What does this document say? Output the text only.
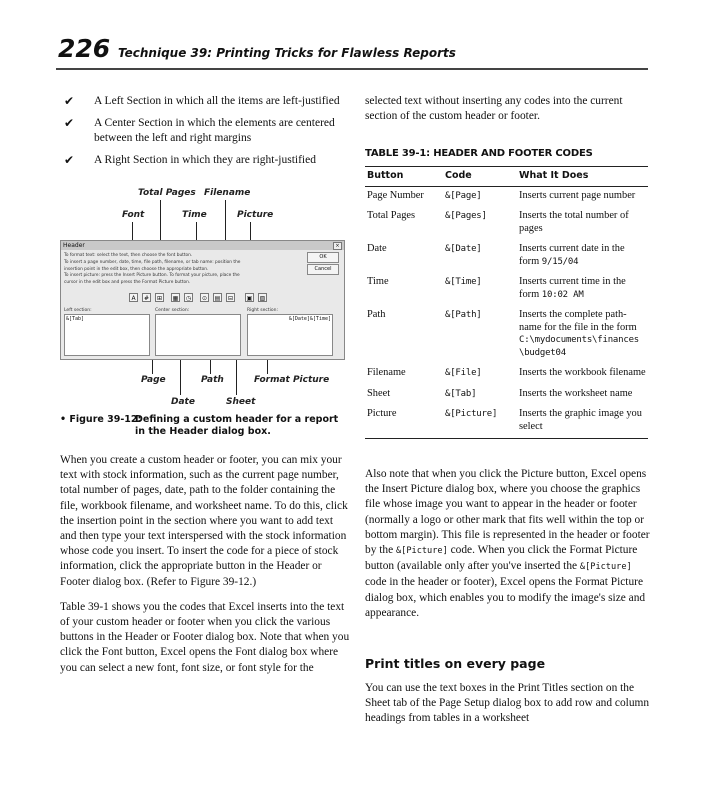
226 Technique 39: Printing Tricks for Flawless Reports
✔ A Left Section in which all the items are left-justified
✔ A Center Section in which the elements are centered between the left and right margins
✔ A Right Section in which they are right-justified
Total Pages Filename
Font	Time	Picture
Header	×
To format text: select the text, then choose the font button.
To insert a page number, date, time, file path, filename, or tab name: position the
insertion point in the edit box, then choose the appropriate button.
To insert picture: press the Insert Picture button. To format your picture, place the
cursor in the edit box and press the Format Picture button.
OK
Cancel
A	#	⊞	▦	◷	⊙	▤	⊟	▣ ▧
Left section:	Center section:	Right section:
&[Tab]	&[Date]&[Time]
Page	Path	Format Picture
Date	Sheet
• Figure 39-12:
Defining a custom header for a report in the Header dialog box.

When you create a custom header or footer, you can mix your text with stock information, such as the current page number, total number of pages, date, path to the folder containing the file, workbook filename, and worksheet name. To do this, click the insertion point in the section where you want to add text and then type your text interspersed with the stock information whose code you insert. To insert the code for a piece of stock information, click the appropriate button in the Header or Footer dialog box. (Refer to Figure 39-12.)

Table 39-1 shows you the codes that Excel inserts into the text of your custom header or footer when you click the various buttons in the Header or Footer dialog box. Note that when you click the Font button, Excel opens the Font dialog box where you can select a new font, font size, or font style for the

selected text without inserting any codes into the current section of the custom header or footer.
TABLE 39-1: HEADER AND FOOTER CODES
Button	Code	What It Does
Page Number	&[Page]	Inserts current page number
Total Pages	&[Pages]	Inserts the total number of pages
Date	&[Date]	Inserts current date in the form 9/15/04
Time	&[Time]	Inserts current time in the form 10:02 AM
Path	&[Path]	Inserts the complete path-name for the file in the form C:\mydocuments\finances\budget04
Filename	&[File]	Inserts the workbook filename
Sheet	&[Tab]	Inserts the worksheet name
Picture	&[Picture]	Inserts the graphic image you select

Also note that when you click the Picture button, Excel opens the Insert Picture dialog box, where you choose the graphics file whose image you want to appear in the header or footer (normally a logo or other mark that fits well within the top or bottom margin). This file is represented in the header or footer by the &[Picture] code. When you click the Format Picture button (available only after you've inserted the &[Picture] code in the header or footer), Excel opens the Format Picture dialog box, which enables you to modify the image's size and appearance.

Print titles on every page
You can use the text boxes in the Print Titles section on the Sheet tab of the Page Setup dialog box to add row and column headings from tables in a worksheet
